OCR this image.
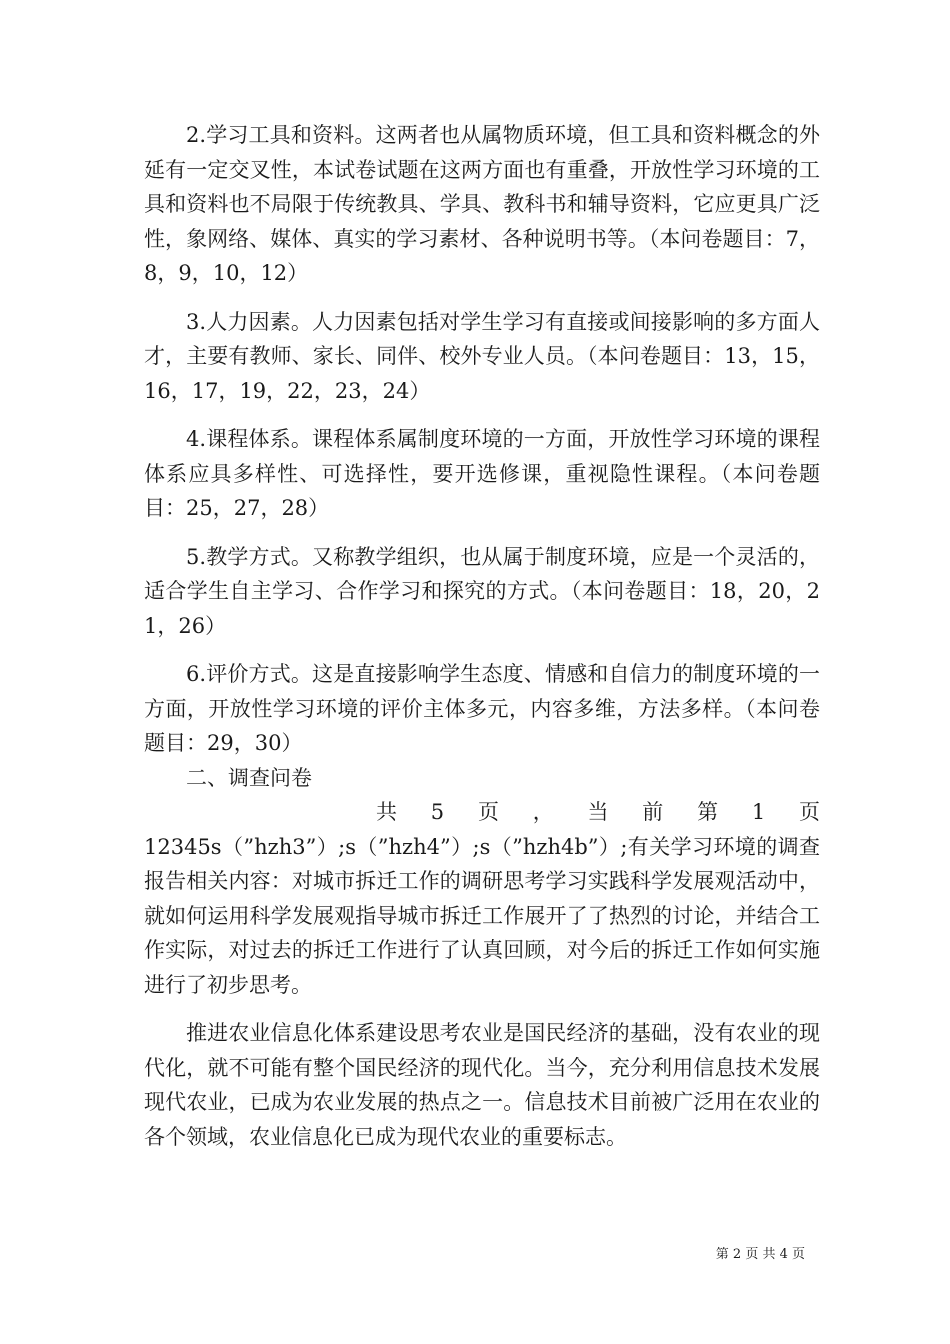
2.学习工具和资料。这两者也从属物质环境，但工具和资料概念的外延有一定交叉性，本试卷试题在这两方面也有重叠，开放性学习环境的工具和资料也不局限于传统教具、学具、教科书和辅导资料，它应更具广泛性，象网络、媒体、真实的学习素材、各种说明书等。（本问卷题目：7，8，9，10，12）

3.人力因素。人力因素包括对学生学习有直接或间接影响的多方面人才，主要有教师、家长、同伴、校外专业人员。（本问卷题目：13，15，16，17，19，22，23，24）

4.课程体系。课程体系属制度环境的一方面，开放性学习环境的课程体系应具多样性、可选择性，要开选修课，重视隐性课程。（本问卷题目：25，27，28）

5.教学方式。又称教学组织，也从属于制度环境，应是一个灵活的，适合学生自主学习、合作学习和探究的方式。（本问卷题目：18，20，21，26）

6.评价方式。这是直接影响学生态度、情感和自信力的制度环境的一方面，开放性学习环境的评价主体多元，内容多维，方法多样。（本问卷题目：29，30）

二、调查问卷

共 5 页 ， 当 前 第 1 页

12345s（”hzh3”）;s（”hzh4”）;s（”hzh4b”）;有关学习环境的调查报告相关内容：对城市拆迁工作的调研思考学习实践科学发展观活动中，就如何运用科学发展观指导城市拆迁工作展开了了热烈的讨论，并结合工作实际，对过去的拆迁工作进行了认真回顾，对今后的拆迁工作如何实施进行了初步思考。

推进农业信息化体系建设思考农业是国民经济的基础，没有农业的现代化，就不可能有整个国民经济的现代化。当今，充分利用信息技术发展现代农业，已成为农业发展的热点之一。信息技术目前被广泛用在农业的各个领域，农业信息化已成为现代农业的重要标志。

第 2 页 共 4 页
